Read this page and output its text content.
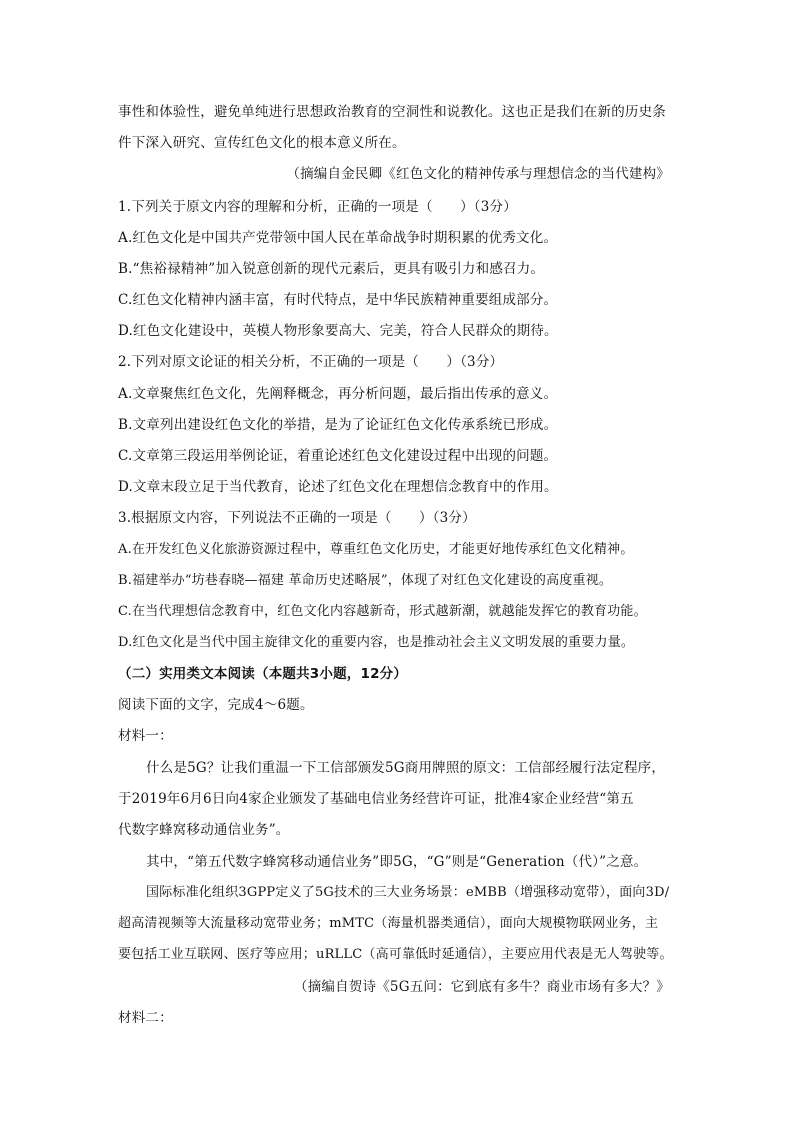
事性和体验性，避免单纯进行思想政治教育的空洞性和说教化。这也正是我们在新的历史条
件下深入研究、宣传红色文化的根本意义所在。
（摘编自金民卿《红色文化的精神传承与理想信念的当代建构》
1.下列关于原文内容的理解和分析，正确的一项是（　　）（3分）
A.红色文化是中国共产党带领中国人民在革命战争时期积累的优秀文化。
B.“焦裕禄精神”加入锐意创新的现代元素后，更具有吸引力和感召力。
C.红色文化精神内涵丰富，有时代特点，是中华民族精神重要组成部分。
D.红色文化建设中，英模人物形象要高大、完美，符合人民群众的期待。
2.下列对原文论证的相关分析，不正确的一项是（　　）（3分）
A.文章聚焦红色文化，先阐释概念，再分析问题，最后指出传承的意义。
B.文章列出建设红色文化的举措，是为了论证红色文化传承系统已形成。
C.文章第三段运用举例论证，着重论述红色文化建设过程中出现的问题。
D.文章末段立足于当代教育，论述了红色文化在理想信念教育中的作用。
3.根据原文内容，下列说法不正确的一项是（　　）（3分）
A.在开发红色义化旅游资源过程中，尊重红色文化历史，才能更好地传承红色文化精神。
B.福建举办“坊巷春晓—福建 革命历史述略展”，体现了对红色文化建设的高度重视。
C.在当代理想信念教育中，红色文化内容越新奇，形式越新潮，就越能发挥它的教育功能。
D.红色文化是当代中国主旋律文化的重要内容，也是推动社会主义文明发展的重要力量。
（二）实用类文本阅读（本题共3小题，12分）
阅读下面的文字，完成4～6题。
材料一：
什么是5G？让我们重温一下工信部颁发5G商用牌照的原文：工信部经履行法定程序，
于2019年6月6日向4家企业颁发了基础电信业务经营许可证，批准4家企业经营“第五
代数字蜂窝移动通信业务”。
其中，“第五代数字蜂窝移动通信业务”即5G，“G”则是“Generation（代）”之意。
国际标准化组织3GPP定义了5G技术的三大业务场景：eMBB（增强移动宽带），面向3D/
超高清视频等大流量移动宽带业务；mMTC（海量机器类通信），面向大规模物联网业务，主
要包括工业互联网、医疗等应用；uRLLC（高可靠低时延通信），主要应用代表是无人驾驶等。
（摘编自贺诗《5G五问：它到底有多牛？商业市场有多大？》
材料二：
